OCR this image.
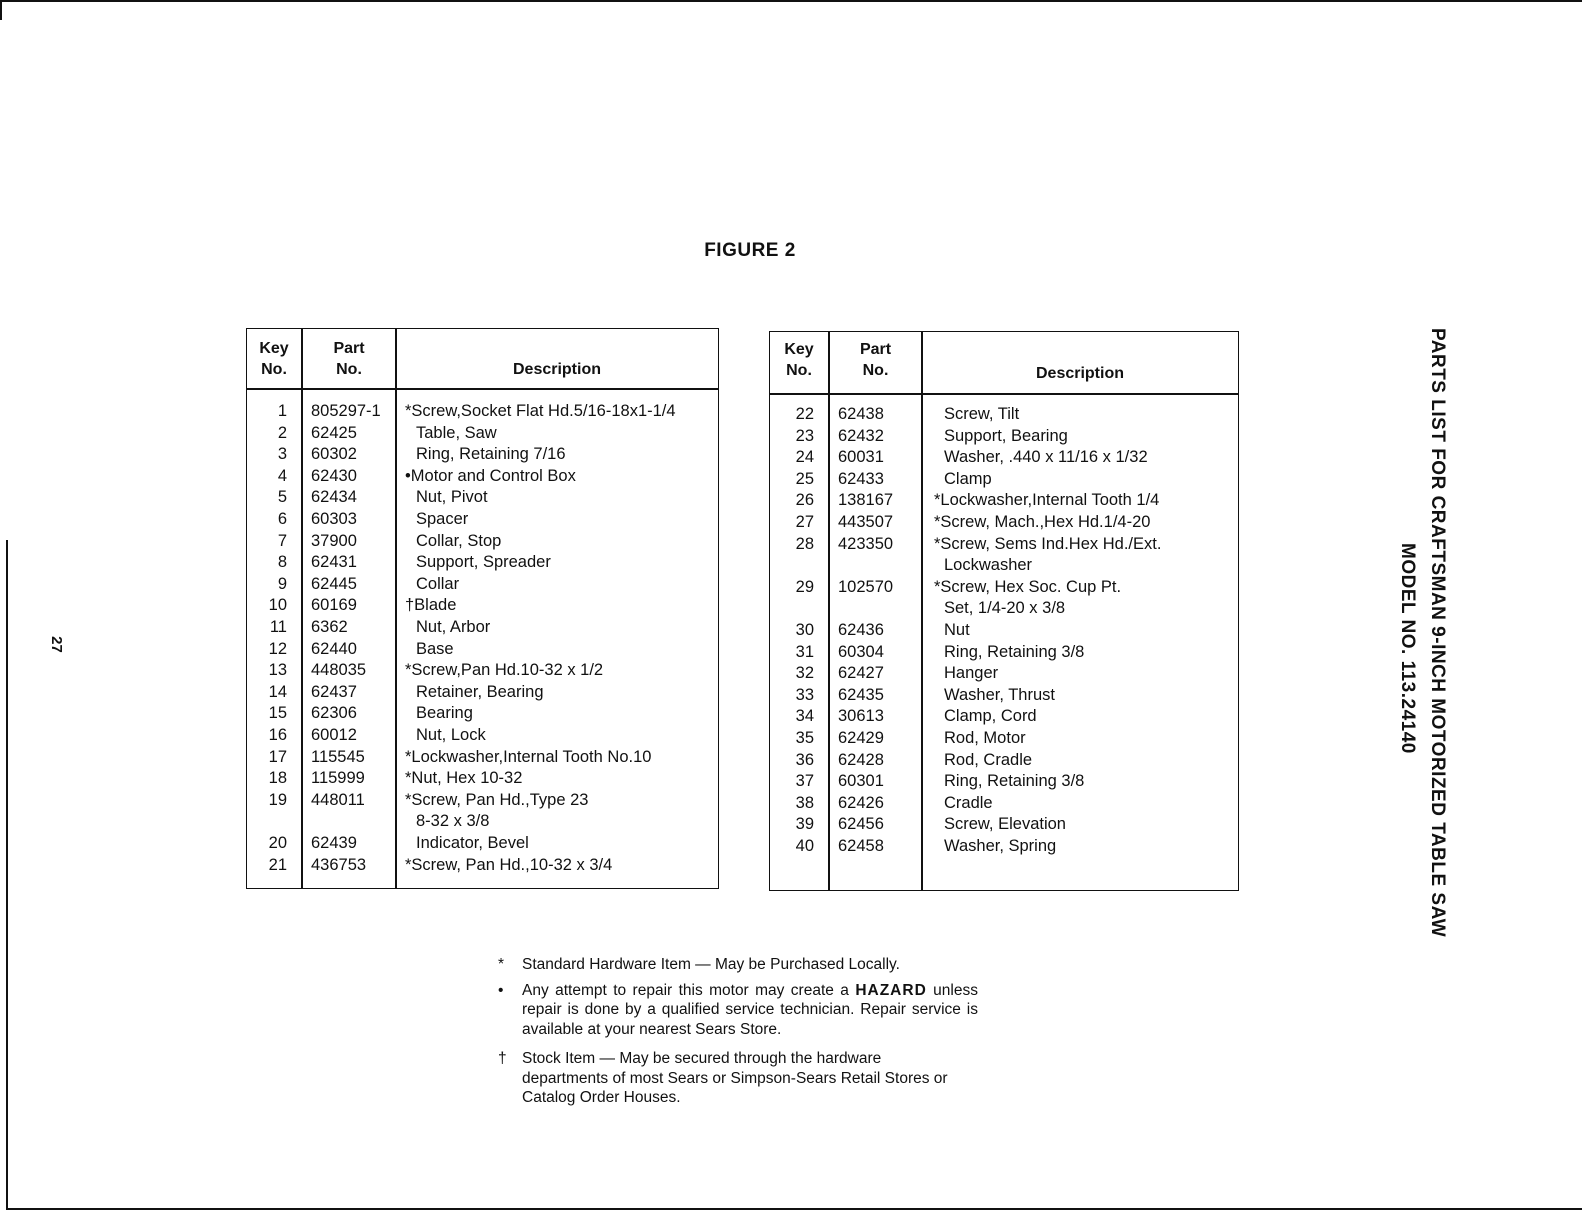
FIGURE 2
27	PARTS LIST FOR CRAFTSMAN 9-INCH MOTORIZED TABLE SAW
MODEL NO. 113.24140
Key
No.
Part
No.	Description
1 805297-1 *Screw,Socket Flat Hd.5/16-18x1-1/4
2 62425	Table, Saw
3 60302	Ring, Retaining 7/16
4 62430	•Motor and Control Box
5 62434	Nut, Pivot
6 60303	Spacer
7 37900	Collar, Stop
8 62431	Support, Spreader
9 62445	Collar
10 60169	†Blade
11 6362	Nut, Arbor
12 62440	Base
13 448035 *Screw,Pan Hd.10-32 x 1/2
14 62437	Retainer, Bearing
15 62306	Bearing
16 60012	Nut, Lock
17 115545 *Lockwasher,Internal Tooth No.10
18 115999 *Nut, Hex 10-32
19 448011 *Screw, Pan Hd.,Type 23
8-32 x 3/8
20 62439	Indicator, Bevel
21 436753 *Screw, Pan Hd.,10-32 x 3/4
Key
No.
Part
No.	Description
22 62438	Screw, Tilt
23 62432	Support, Bearing
24 60031	Washer, .440 x 11/16 x 1/32
25 62433	Clamp
26 138167 *Lockwasher,Internal Tooth 1/4
27 443507 *Screw, Mach.,Hex Hd.1/4-20
28 423350 *Screw, Sems Ind.Hex Hd./Ext.
Lockwasher
29 102570 *Screw, Hex Soc. Cup Pt.
Set, 1/4-20 x 3/8
30 62436	Nut
31 60304	Ring, Retaining 3/8
32 62427	Hanger
33 62435	Washer, Thrust
34 30613	Clamp, Cord
35 62429	Rod, Motor
36 62428	Rod, Cradle
37 60301	Ring, Retaining 3/8
38 62426	Cradle
39 62456	Screw, Elevation
40 62458	Washer, Spring
*	Standard Hardware Item — May be Purchased Locally.
•	Any attempt to repair this motor may create a HAZARD unless repair is done by a qualified service technician. Repair service is available at your nearest Sears Store.
† Stock Item — May be secured through the hardware departments of most Sears or Simpson-Sears Retail Stores or Catalog Order Houses.
